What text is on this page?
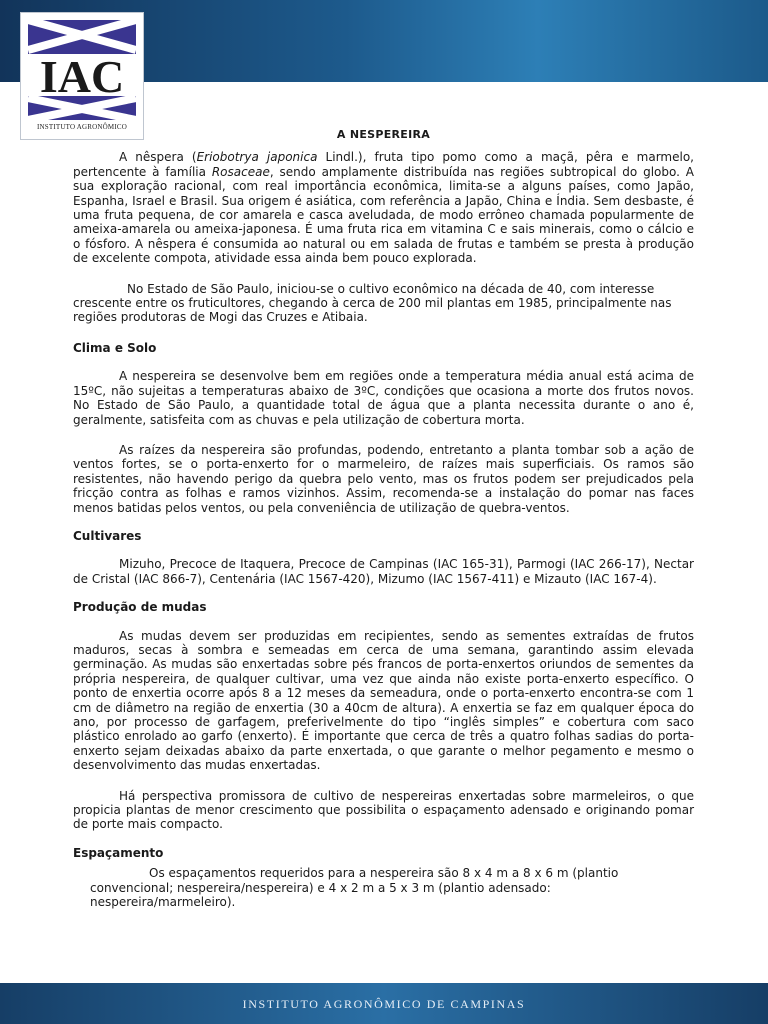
IAC
INSTITUTO AGRONÔMICO
A NESPEREIRA

A nêspera (Eriobotrya japonica Lindl.), fruta tipo pomo como a maçã, pêra e marmelo, pertencente à família Rosaceae, sendo amplamente distribuída nas regiões subtropical do globo. A sua exploração racional, com real importância econômica, limita-se a alguns países, como Japão, Espanha, Israel e Brasil. Sua origem é asiática, com referência a Japão, China e Índia. Sem desbaste, é uma fruta pequena, de cor amarela e casca aveludada, de modo errôneo chamada popularmente de ameixa-amarela ou ameixa-japonesa. É uma fruta rica em vitamina C e sais minerais, como o cálcio e o fósforo. A nêspera é consumida ao natural ou em salada de frutas e também se presta à produção de excelente compota, atividade essa ainda bem pouco explorada.

No Estado de São Paulo, iniciou-se o cultivo econômico na década de 40, com interesse crescente entre os fruticultores, chegando à cerca de 200 mil plantas em 1985, principalmente nas regiões produtoras de Mogi das Cruzes e Atibaia.

Clima e Solo

A nespereira se desenvolve bem em regiões onde a temperatura média anual está acima de 15ºC, não sujeitas a temperaturas abaixo de 3ºC, condições que ocasiona a morte dos frutos novos. No Estado de São Paulo, a quantidade total de água que a planta necessita durante o ano é, geralmente, satisfeita com as chuvas e pela utilização de cobertura morta.

As raízes da nespereira são profundas, podendo, entretanto a planta tombar sob a ação de ventos fortes, se o porta-enxerto for o marmeleiro, de raízes mais superficiais. Os ramos são resistentes, não havendo perigo da quebra pelo vento, mas os frutos podem ser prejudicados pela fricção contra as folhas e ramos vizinhos. Assim, recomenda-se a instalação do pomar nas faces menos batidas pelos ventos, ou pela conveniência de utilização de quebra-ventos.

Cultivares

Mizuho, Precoce de Itaquera, Precoce de Campinas (IAC 165-31), Parmogi (IAC 266-17), Nectar de Cristal (IAC 866-7), Centenária (IAC 1567-420), Mizumo (IAC 1567-411) e Mizauto (IAC 167-4).

Produção de mudas

As mudas devem ser produzidas em recipientes, sendo as sementes extraídas de frutos maduros, secas à sombra e semeadas em cerca de uma semana, garantindo assim elevada germinação. As mudas são enxertadas sobre pés francos de porta-enxertos oriundos de sementes da própria nespereira, de qualquer cultivar, uma vez que ainda não existe porta-enxerto específico. O ponto de enxertia ocorre após 8 a 12 meses da semeadura, onde o porta-enxerto encontra-se com 1 cm de diâmetro na região de enxertia (30 a 40cm de altura). A enxertia se faz em qualquer época do ano, por processo de garfagem, preferivelmente do tipo “inglês simples” e cobertura com saco plástico enrolado ao garfo (enxerto). É importante que cerca de três a quatro folhas sadias do porta-enxerto sejam deixadas abaixo da parte enxertada, o que garante o melhor pegamento e mesmo o desenvolvimento das mudas enxertadas.

Há perspectiva promissora de cultivo de nespereiras enxertadas sobre marmeleiros, o que propicia plantas de menor crescimento que possibilita o espaçamento adensado e originando pomar de porte mais compacto.

Espaçamento

Os espaçamentos requeridos para a nespereira são 8 x 4 m a 8 x 6 m (plantio convencional; nespereira/nespereira) e 4 x 2 m a 5 x 3 m (plantio adensado: nespereira/marmeleiro).

INSTITUTO AGRONÔMICO DE CAMPINAS
